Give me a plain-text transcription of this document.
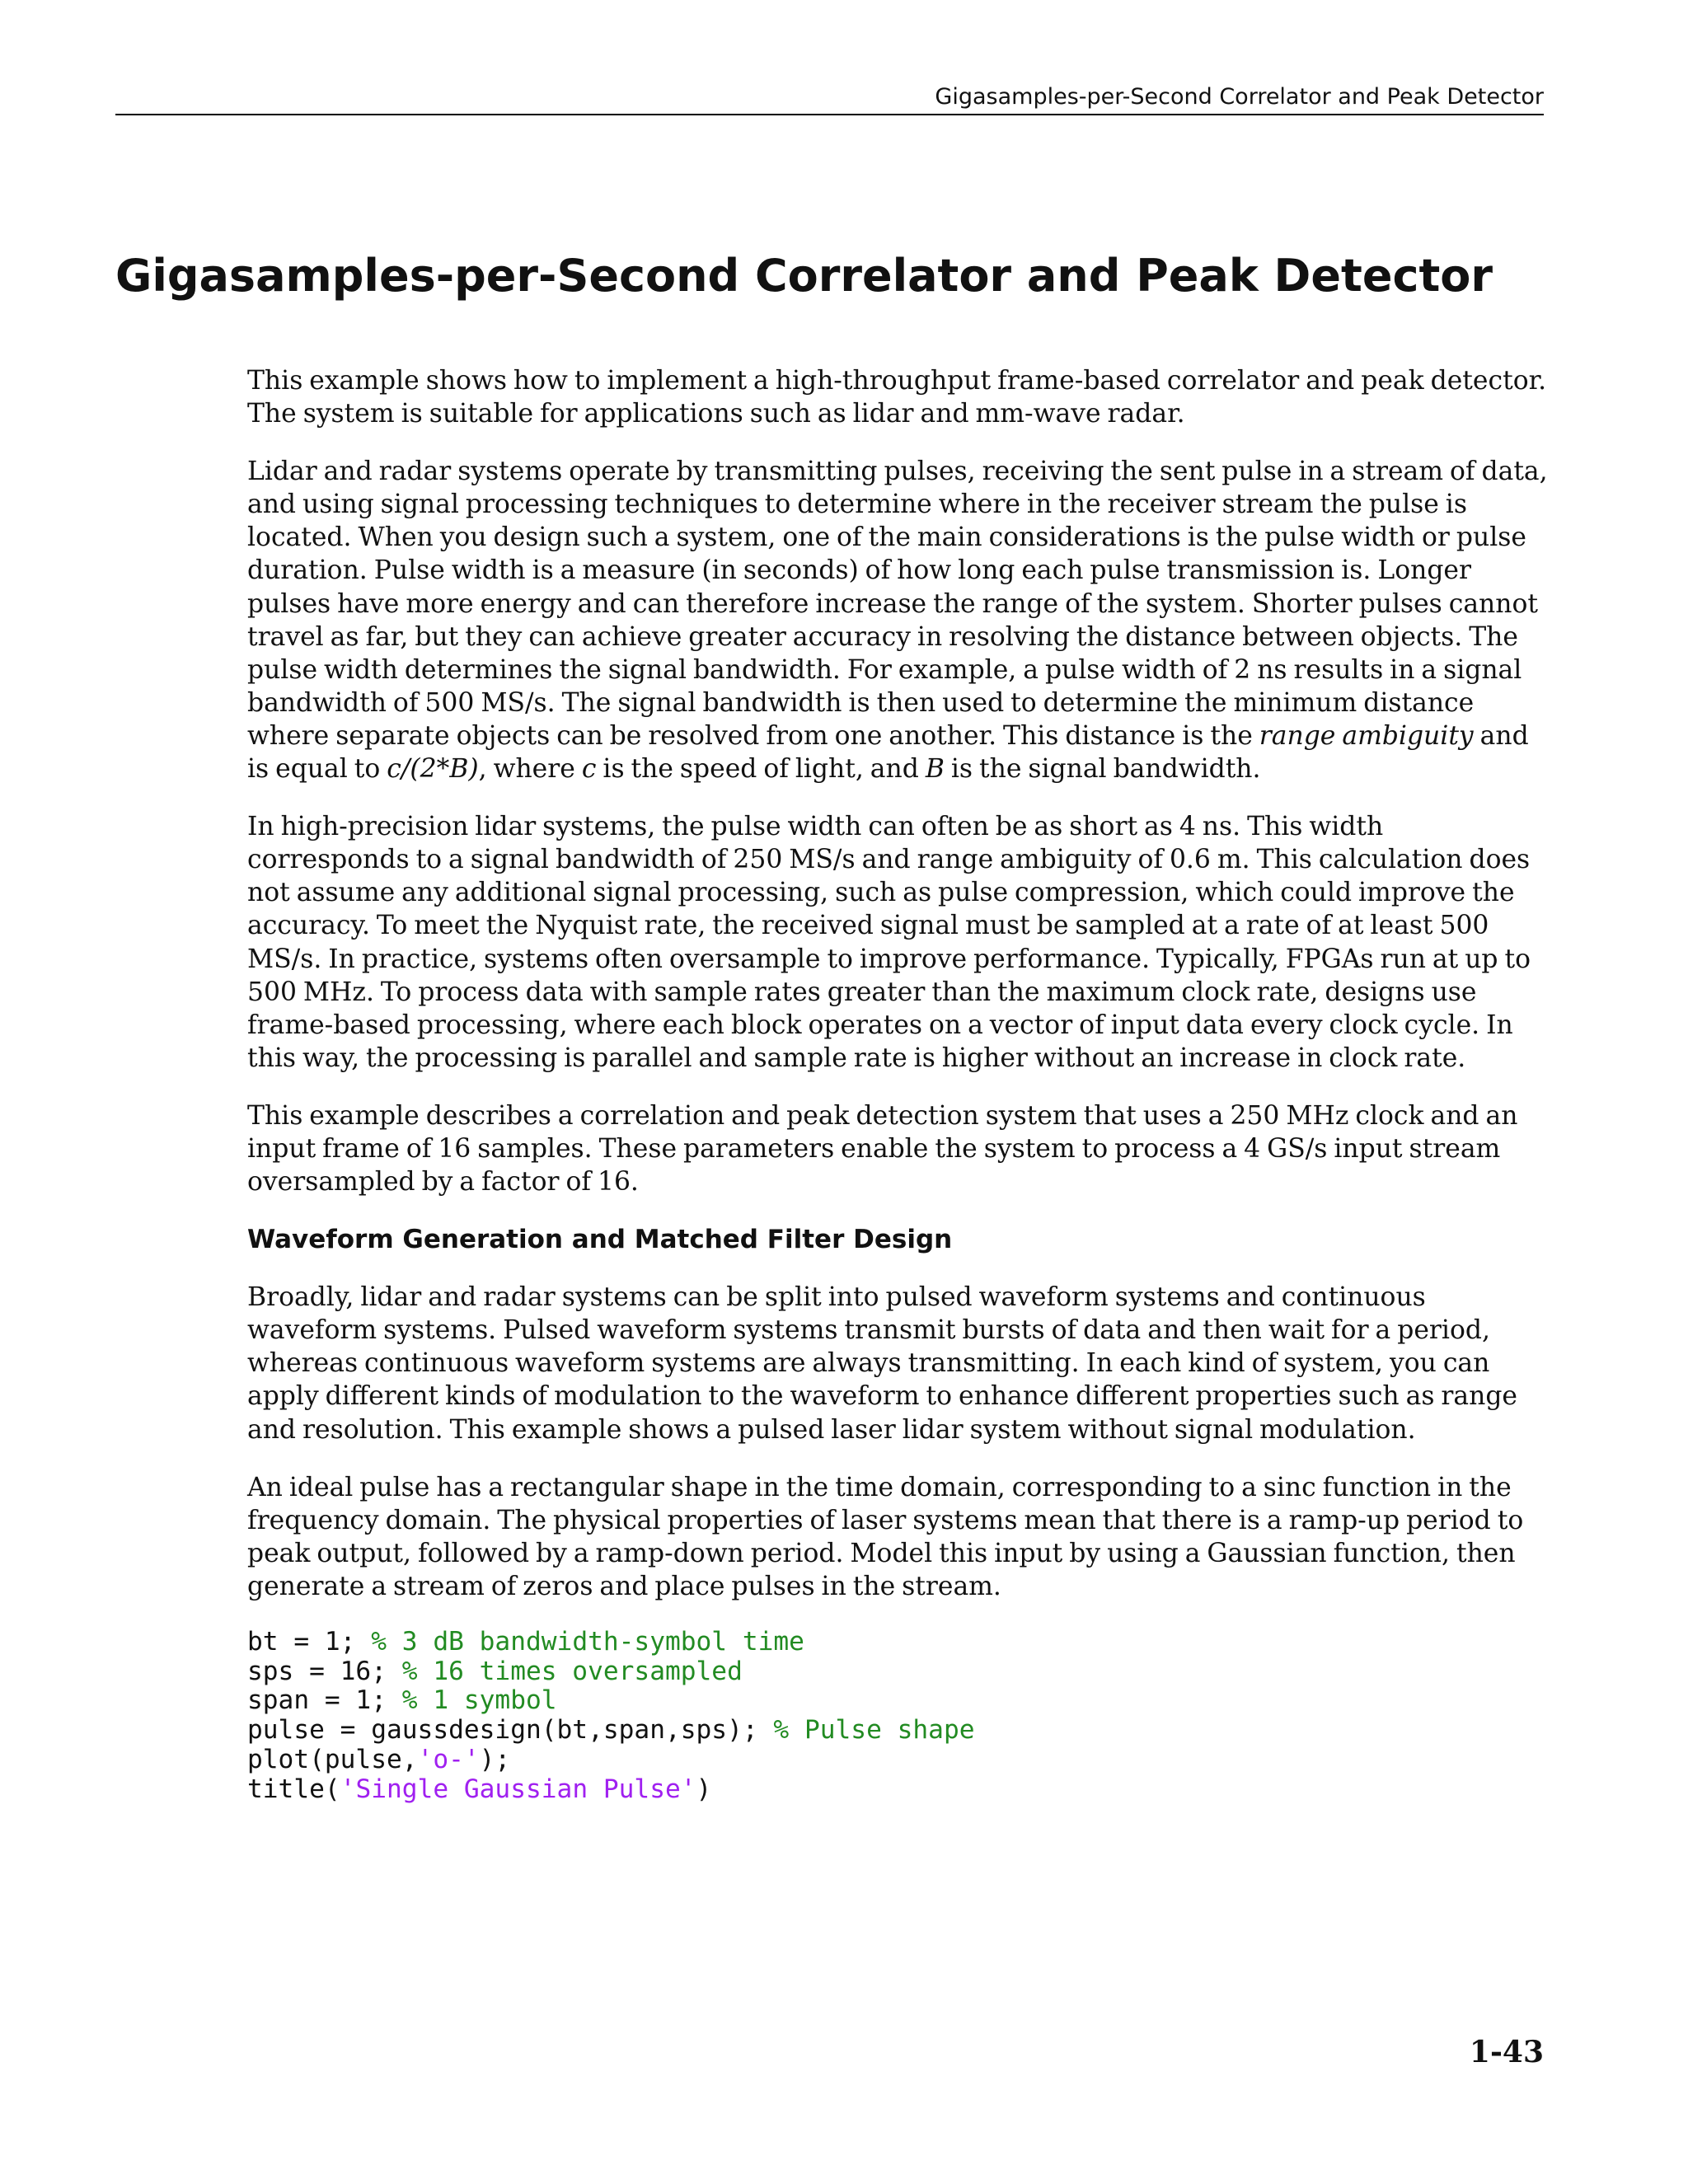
Gigasamples-per-Second Correlator and Peak Detector
Gigasamples-per-Second Correlator and Peak Detector

This example shows how to implement a high-throughput frame-based correlator and peak detector. The system is suitable for applications such as lidar and mm-wave radar.

Lidar and radar systems operate by transmitting pulses, receiving the sent pulse in a stream of data, and using signal processing techniques to determine where in the receiver stream the pulse is located. When you design such a system, one of the main considerations is the pulse width or pulse duration. Pulse width is a measure (in seconds) of how long each pulse transmission is. Longer pulses have more energy and can therefore increase the range of the system. Shorter pulses cannot travel as far, but they can achieve greater accuracy in resolving the distance between objects. The pulse width determines the signal bandwidth. For example, a pulse width of 2 ns results in a signal bandwidth of 500 MS/s. The signal bandwidth is then used to determine the minimum distance where separate objects can be resolved from one another. This distance is the range ambiguity and is equal to c/(2*B), where c is the speed of light, and B is the signal bandwidth.

In high-precision lidar systems, the pulse width can often be as short as 4 ns. This width corresponds to a signal bandwidth of 250 MS/s and range ambiguity of 0.6 m. This calculation does not assume any additional signal processing, such as pulse compression, which could improve the accuracy. To meet the Nyquist rate, the received signal must be sampled at a rate of at least 500 MS/s. In practice, systems often oversample to improve performance. Typically, FPGAs run at up to 500 MHz. To process data with sample rates greater than the maximum clock rate, designs use frame-based processing, where each block operates on a vector of input data every clock cycle. In this way, the processing is parallel and sample rate is higher without an increase in clock rate.

This example describes a correlation and peak detection system that uses a 250 MHz clock and an input frame of 16 samples. These parameters enable the system to process a 4 GS/s input stream oversampled by a factor of 16.

Waveform Generation and Matched Filter Design

Broadly, lidar and radar systems can be split into pulsed waveform systems and continuous waveform systems. Pulsed waveform systems transmit bursts of data and then wait for a period, whereas continuous waveform systems are always transmitting. In each kind of system, you can apply different kinds of modulation to the waveform to enhance different properties such as range and resolution. This example shows a pulsed laser lidar system without signal modulation.

An ideal pulse has a rectangular shape in the time domain, corresponding to a sinc function in the frequency domain. The physical properties of laser systems mean that there is a ramp-up period to peak output, followed by a ramp-down period. Model this input by using a Gaussian function, then generate a stream of zeros and place pulses in the stream.

bt = 1; % 3 dB bandwidth-symbol time
sps = 16; % 16 times oversampled
span = 1; % 1 symbol
pulse = gaussdesign(bt,span,sps); % Pulse shape
plot(pulse,'o-');
title('Single Gaussian Pulse')
1-43
